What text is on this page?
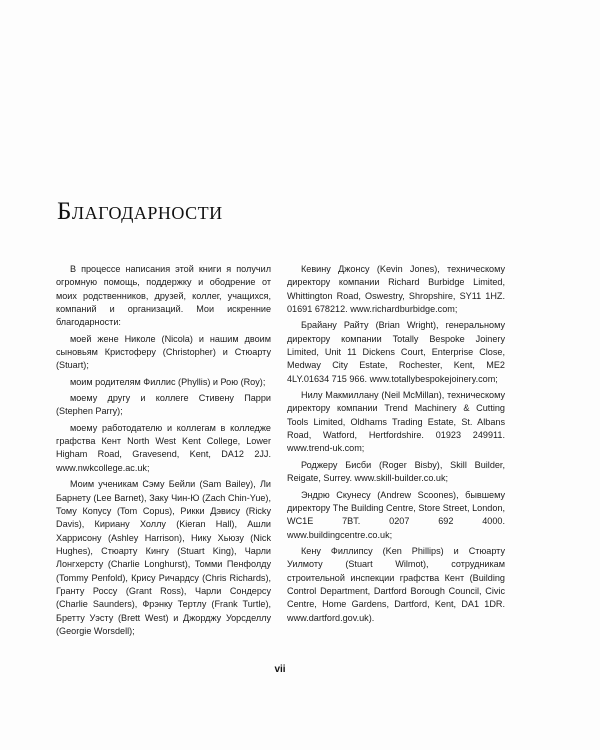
Благодарности

В процессе написания этой книги я получил огромную помощь, поддержку и ободрение от моих родственников, друзей, коллег, учащихся, компаний и организаций. Мои искренние благодарности:

моей жене Николе (Nicola) и нашим двоим сыновьям Кристоферу (Christopher) и Стюарту (Stuart);

моим родителям Филлис (Phyllis) и Рою (Roy);

моему другу и коллеге Стивену Парри (Stephen Parry);

моему работодателю и коллегам в колледже графства Кент North West Kent College, Lower Higham Road, Gravesend, Kent, DA12 2JJ. www.nwkcollege.ac.uk;

Моим ученикам Сэму Бейли (Sam Bailey), Ли Барнету (Lee Barnet), Заку Чин-Ю (Zach Chin-Yue), Тому Копусу (Tom Copus), Рикки Дэвису (Ricky Davis), Кириану Холлу (Kieran Hall), Ашли Харрисону (Ashley Harrison), Нику Хьюзу (Nick Hughes), Стюарту Кингу (Stuart King), Чарли Лонгхерсту (Charlie Longhurst), Томми Пенфолду (Tommy Penfold), Крису Ричардсу (Chris Richards), Гранту Россу (Grant Ross), Чарли Сондерсу (Charlie Saunders), Фрэнку Тертлу (Frank Turtle), Бретту Уэсту (Brett West) и Джорджу Уорсделлу (Georgie Worsdell);

Кевину Джонсу (Kevin Jones), техническому директору компании Richard Burbidge Limited, Whittington Road, Oswestry, Shropshire, SY11 1HZ. 01691 678212. www.richardburbidge.com;

Брайану Райту (Brian Wright), генеральному директору компании Totally Bespoke Joinery Limited, Unit 11 Dickens Court, Enterprise Close, Medway City Estate, Rochester, Kent, ME2 4LY.01634 715 966. www.totallybespokejoinery.com;

Нилу Макмиллану (Neil McMillan), техническому директору компании Trend Machinery & Cutting Tools Limited, Oldhams Trading Estate, St. Albans Road, Watford, Hertfordshire. 01923 249911. www.trend-uk.com;

Роджеру Бисби (Roger Bisby), Skill Builder, Reigate, Surrey. www.skill-builder.co.uk;

Эндрю Скунесу (Andrew Scoones), бывшему директору The Building Centre, Store Street, London, WC1E 7BT. 0207 692 4000. www.buildingcentre.co.uk;

Кену Филлипсу (Ken Phillips) и Стюарту Уилмоту (Stuart Wilmot), сотрудникам строительной инспекции графства Кент (Building Control Department, Dartford Borough Council, Civic Centre, Home Gardens, Dartford, Kent, DA1 1DR. www.dartford.gov.uk).

vii
